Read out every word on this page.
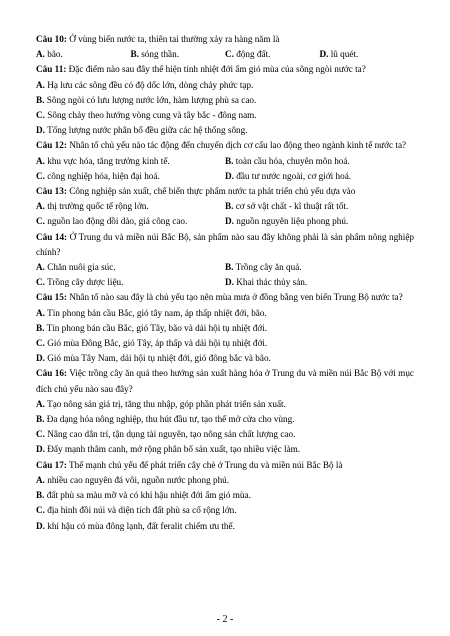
Câu 10: Ở vùng biển nước ta, thiên tai thường xảy ra hàng năm là

A. bão.	B. sóng thần.	C. động đất.	D. lũ quét.

Câu 11: Đặc điểm nào sau đây thể hiện tính nhiệt đới ẩm gió mùa của sông ngòi nước ta?

A. Hạ lưu các sông đều có độ dốc lớn, dòng chảy phức tạp.
B. Sông ngòi có lưu lượng nước lớn, hàm lượng phù sa cao.
C. Sông chảy theo hướng vòng cung và tây bắc - đông nam.
D. Tổng lượng nước phân bố đều giữa các hệ thống sông.

Câu 12: Nhân tố chủ yếu nào tác động đến chuyển dịch cơ cấu lao động theo ngành kinh tế nước ta?

A. khu vực hóa, tăng trưởng kinh tế.	B. toàn cầu hóa, chuyên môn hoá.
C. công nghiệp hóa, hiện đại hoá.	D. đầu tư nước ngoài, cơ giới hoá.

Câu 13: Công nghiệp sản xuất, chế biến thực phẩm nước ta phát triển chủ yếu dựa vào

A. thị trường quốc tế rộng lớn.	B. cơ sở vật chất - kĩ thuật rất tốt.
C. nguồn lao động dồi dào, giá công cao.	D. nguồn nguyên liệu phong phú.

Câu 14: Ở Trung du và miền núi Bắc Bộ, sản phẩm nào sau đây không phải là sản phẩm nông nghiệp chính?

A. Chăn nuôi gia súc.	B. Trồng cây ăn quả.
C. Trồng cây dược liệu.	D. Khai thác thủy sản.

Câu 15: Nhân tố nào sau đây là chủ yếu tạo nên mùa mưa ở đồng bằng ven biển Trung Bộ nước ta?

A. Tín phong bán cầu Bắc, gió tây nam, áp thấp nhiệt đới, bão.
B. Tín phong bán cầu Bắc, gió Tây, bão và dải hội tụ nhiệt đới.
C. Gió mùa Đông Bắc, gió Tây, áp thấp và dải hội tụ nhiệt đới.
D. Gió mùa Tây Nam, dải hội tụ nhiệt đới, gió đông bắc và bão.

Câu 16: Việc trồng cây ăn quả theo hướng sản xuất hàng hóa ở Trung du và miền núi Bắc Bộ với mục đích chủ yếu nào sau đây?

A. Tạo nông sản giá trị, tăng thu nhập, góp phần phát triển sản xuất.
B. Đa dạng hóa nông nghiệp, thu hút đầu tư, tạo thế mở cửa cho vùng.
C. Nâng cao dân trí, tận dụng tài nguyên, tạo nông sản chất lượng cao.
D. Đẩy mạnh thâm canh, mở rộng phân bố sản xuất, tạo nhiều việc làm.

Câu 17: Thế mạnh chủ yếu để phát triển cây chè ở Trung du và miền núi Bắc Bộ là

A. nhiều cao nguyên đá vôi, nguồn nước phong phú.
B. đất phù sa màu mỡ và có khí hậu nhiệt đới ẩm gió mùa.
C. địa hình đồi núi và diện tích đất phù sa cổ rộng lớn.
D. khí hậu có mùa đông lạnh, đất feralit chiếm ưu thế.
- 2 -
